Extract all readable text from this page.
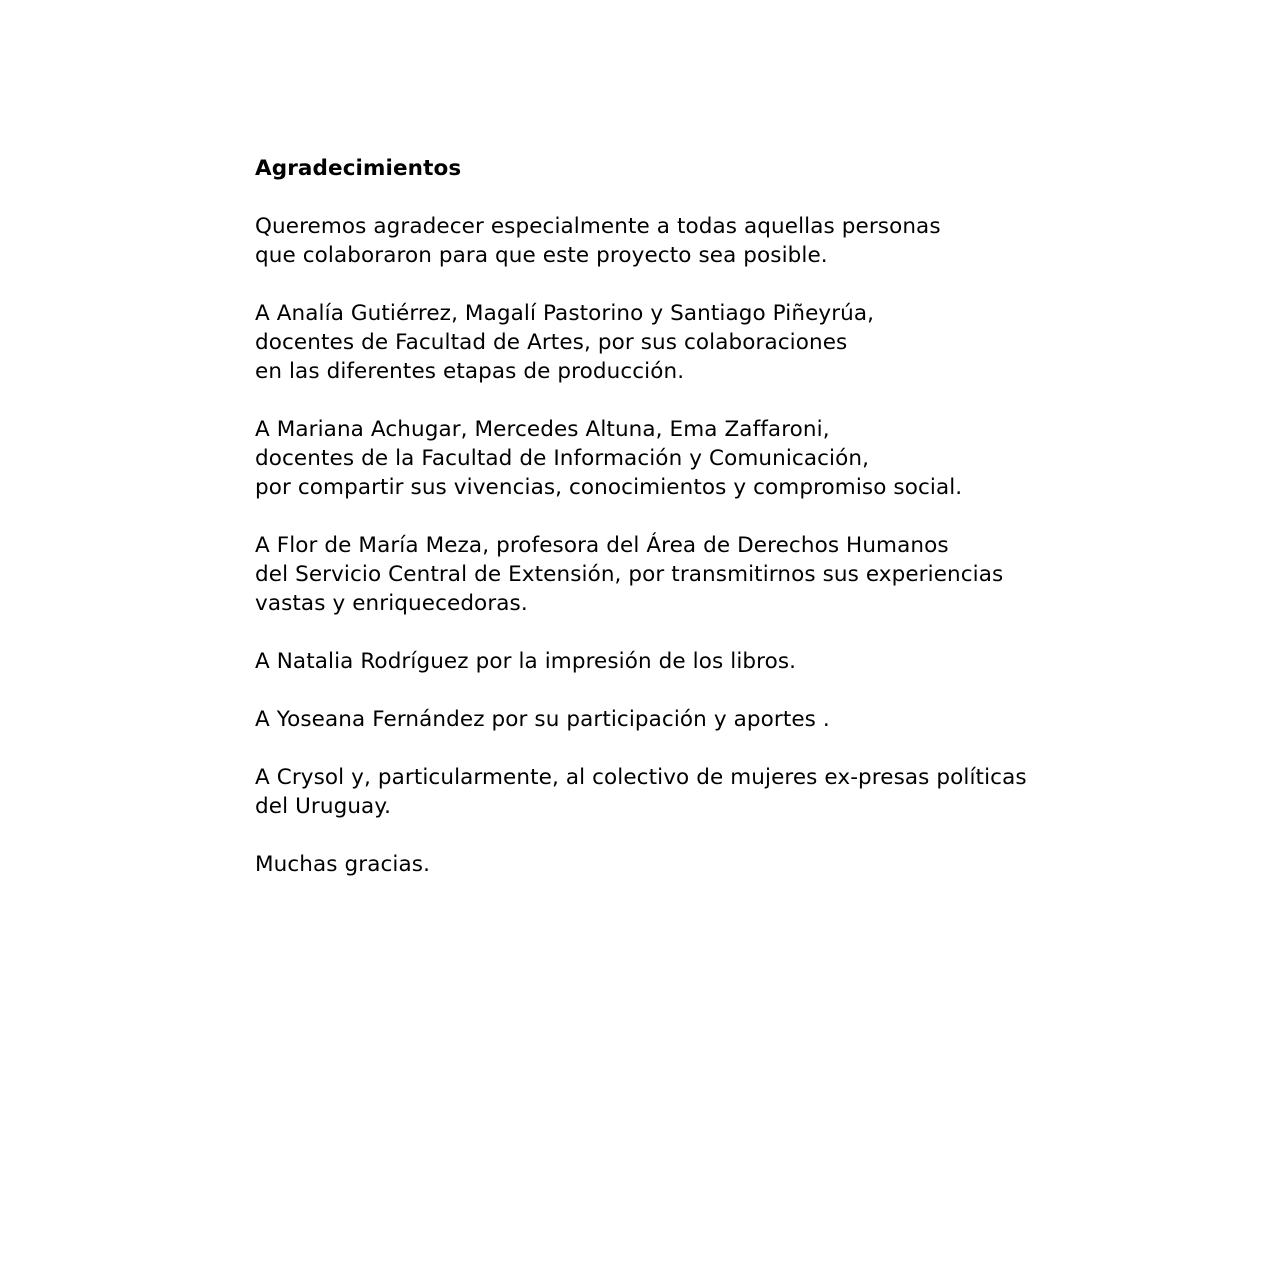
Agradecimientos
Queremos agradecer especialmente a todas aquellas personas
que colaboraron para que este proyecto sea posible.
A Analía Gutiérrez, Magalí Pastorino y Santiago Piñeyrúa,
docentes de Facultad de Artes, por sus colaboraciones
en las diferentes etapas de producción.
A Mariana Achugar, Mercedes Altuna, Ema Zaffaroni,
docentes de la Facultad de Información y Comunicación,
por compartir sus vivencias, conocimientos y compromiso social.
A Flor de María Meza, profesora del Área de Derechos Humanos
del Servicio Central de Extensión, por transmitirnos sus experiencias
vastas y enriquecedoras.
A Natalia Rodríguez por la impresión de los libros.
A Yoseana Fernández por su participación y aportes .
A Crysol y, particularmente, al colectivo de mujeres ex-presas políticas
del Uruguay.
Muchas gracias.
